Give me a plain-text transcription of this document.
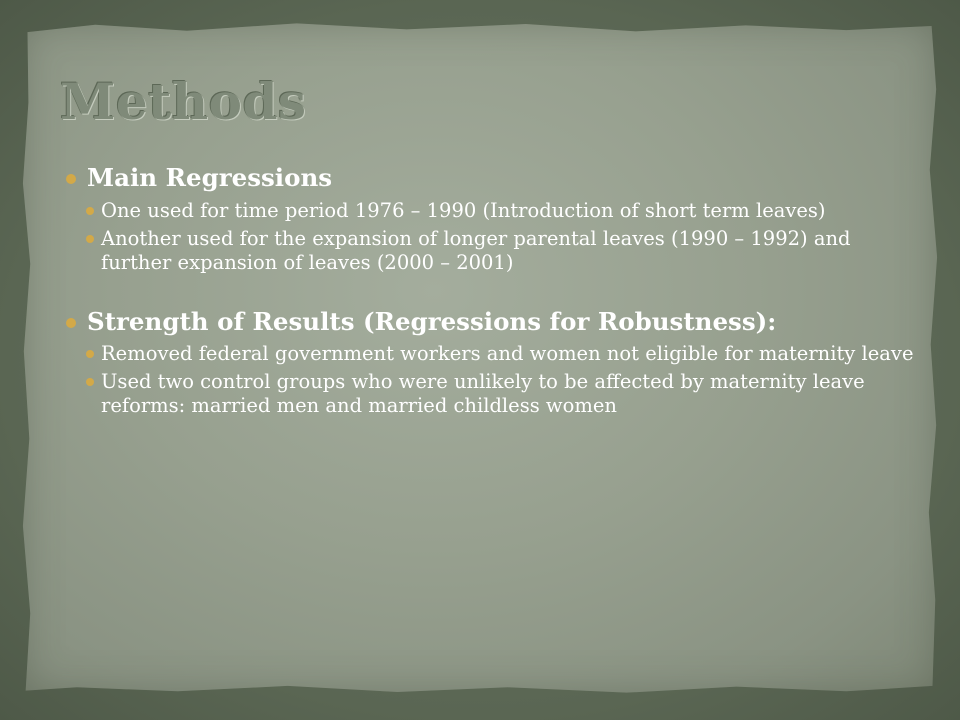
Methods

Main Regressions

One used for time period 1976 – 1990 (Introduction of short term leaves)

Another used for the expansion of longer parental leaves (1990 – 1992) and further expansion of leaves (2000 – 2001)

Strength of Results (Regressions for Robustness):

Removed federal government workers and women not eligible for maternity leave

Used two control groups who were unlikely to be affected by maternity leave reforms: married men and married childless women
